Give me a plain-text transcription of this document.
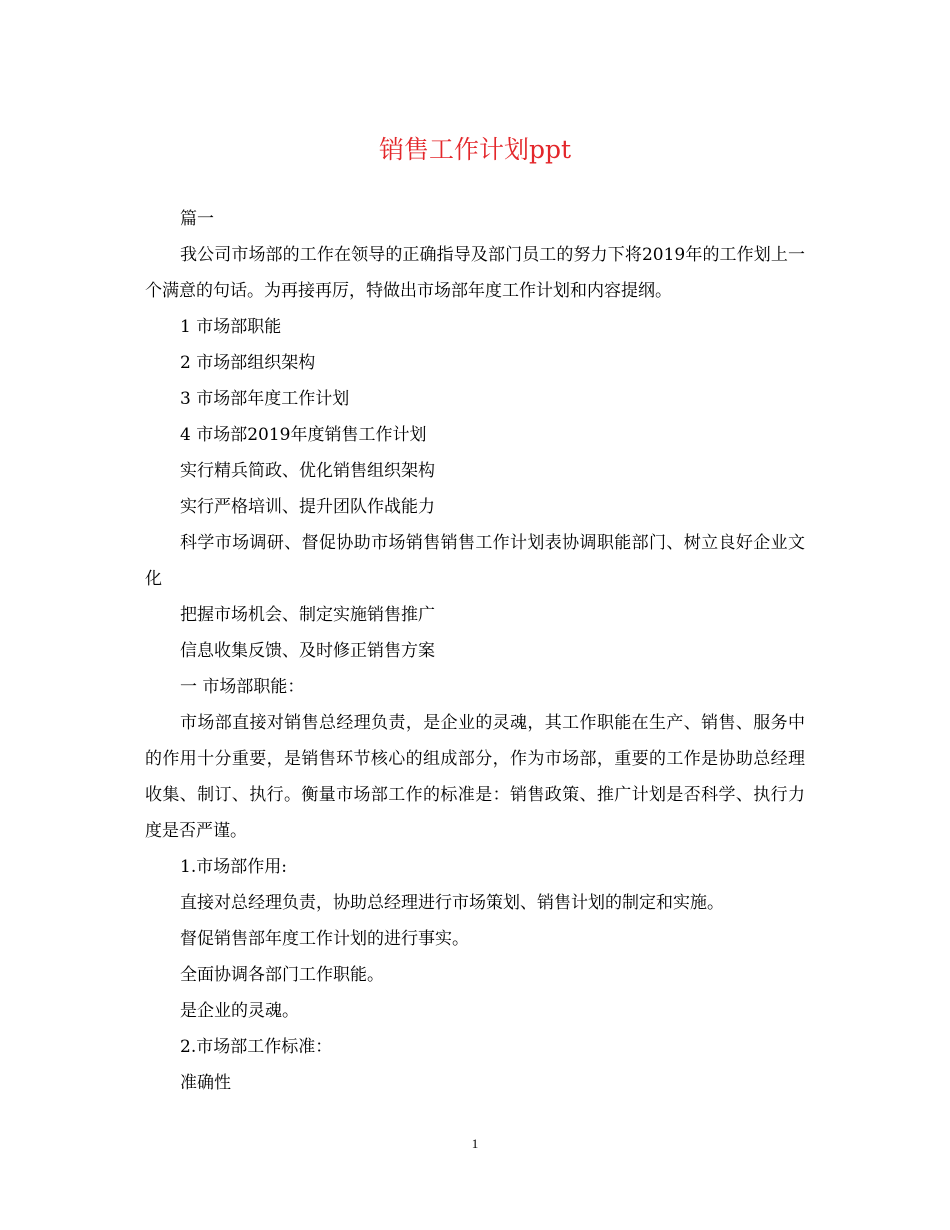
销售工作计划ppt

篇一

我公司市场部的工作在领导的正确指导及部门员工的努力下将2019年的工作划上一个满意的句话。为再接再厉，特做出市场部年度工作计划和内容提纲。

1 市场部职能

2 市场部组织架构

3 市场部年度工作计划

4 市场部2019年度销售工作计划

实行精兵简政、优化销售组织架构

实行严格培训、提升团队作战能力

科学市场调研、督促协助市场销售销售工作计划表协调职能部门、树立良好企业文化

把握市场机会、制定实施销售推广

信息收集反馈、及时修正销售方案

一 市场部职能：

市场部直接对销售总经理负责，是企业的灵魂，其工作职能在生产、销售、服务中的作用十分重要，是销售环节核心的组成部分，作为市场部，重要的工作是协助总经理收集、制订、执行。衡量市场部工作的标准是：销售政策、推广计划是否科学、执行力度是否严谨。

1.市场部作用:

直接对总经理负责，协助总经理进行市场策划、销售计划的制定和实施。

督促销售部年度工作计划的进行事实。

全面协调各部门工作职能。

是企业的灵魂。

2.市场部工作标准：

准确性

1
